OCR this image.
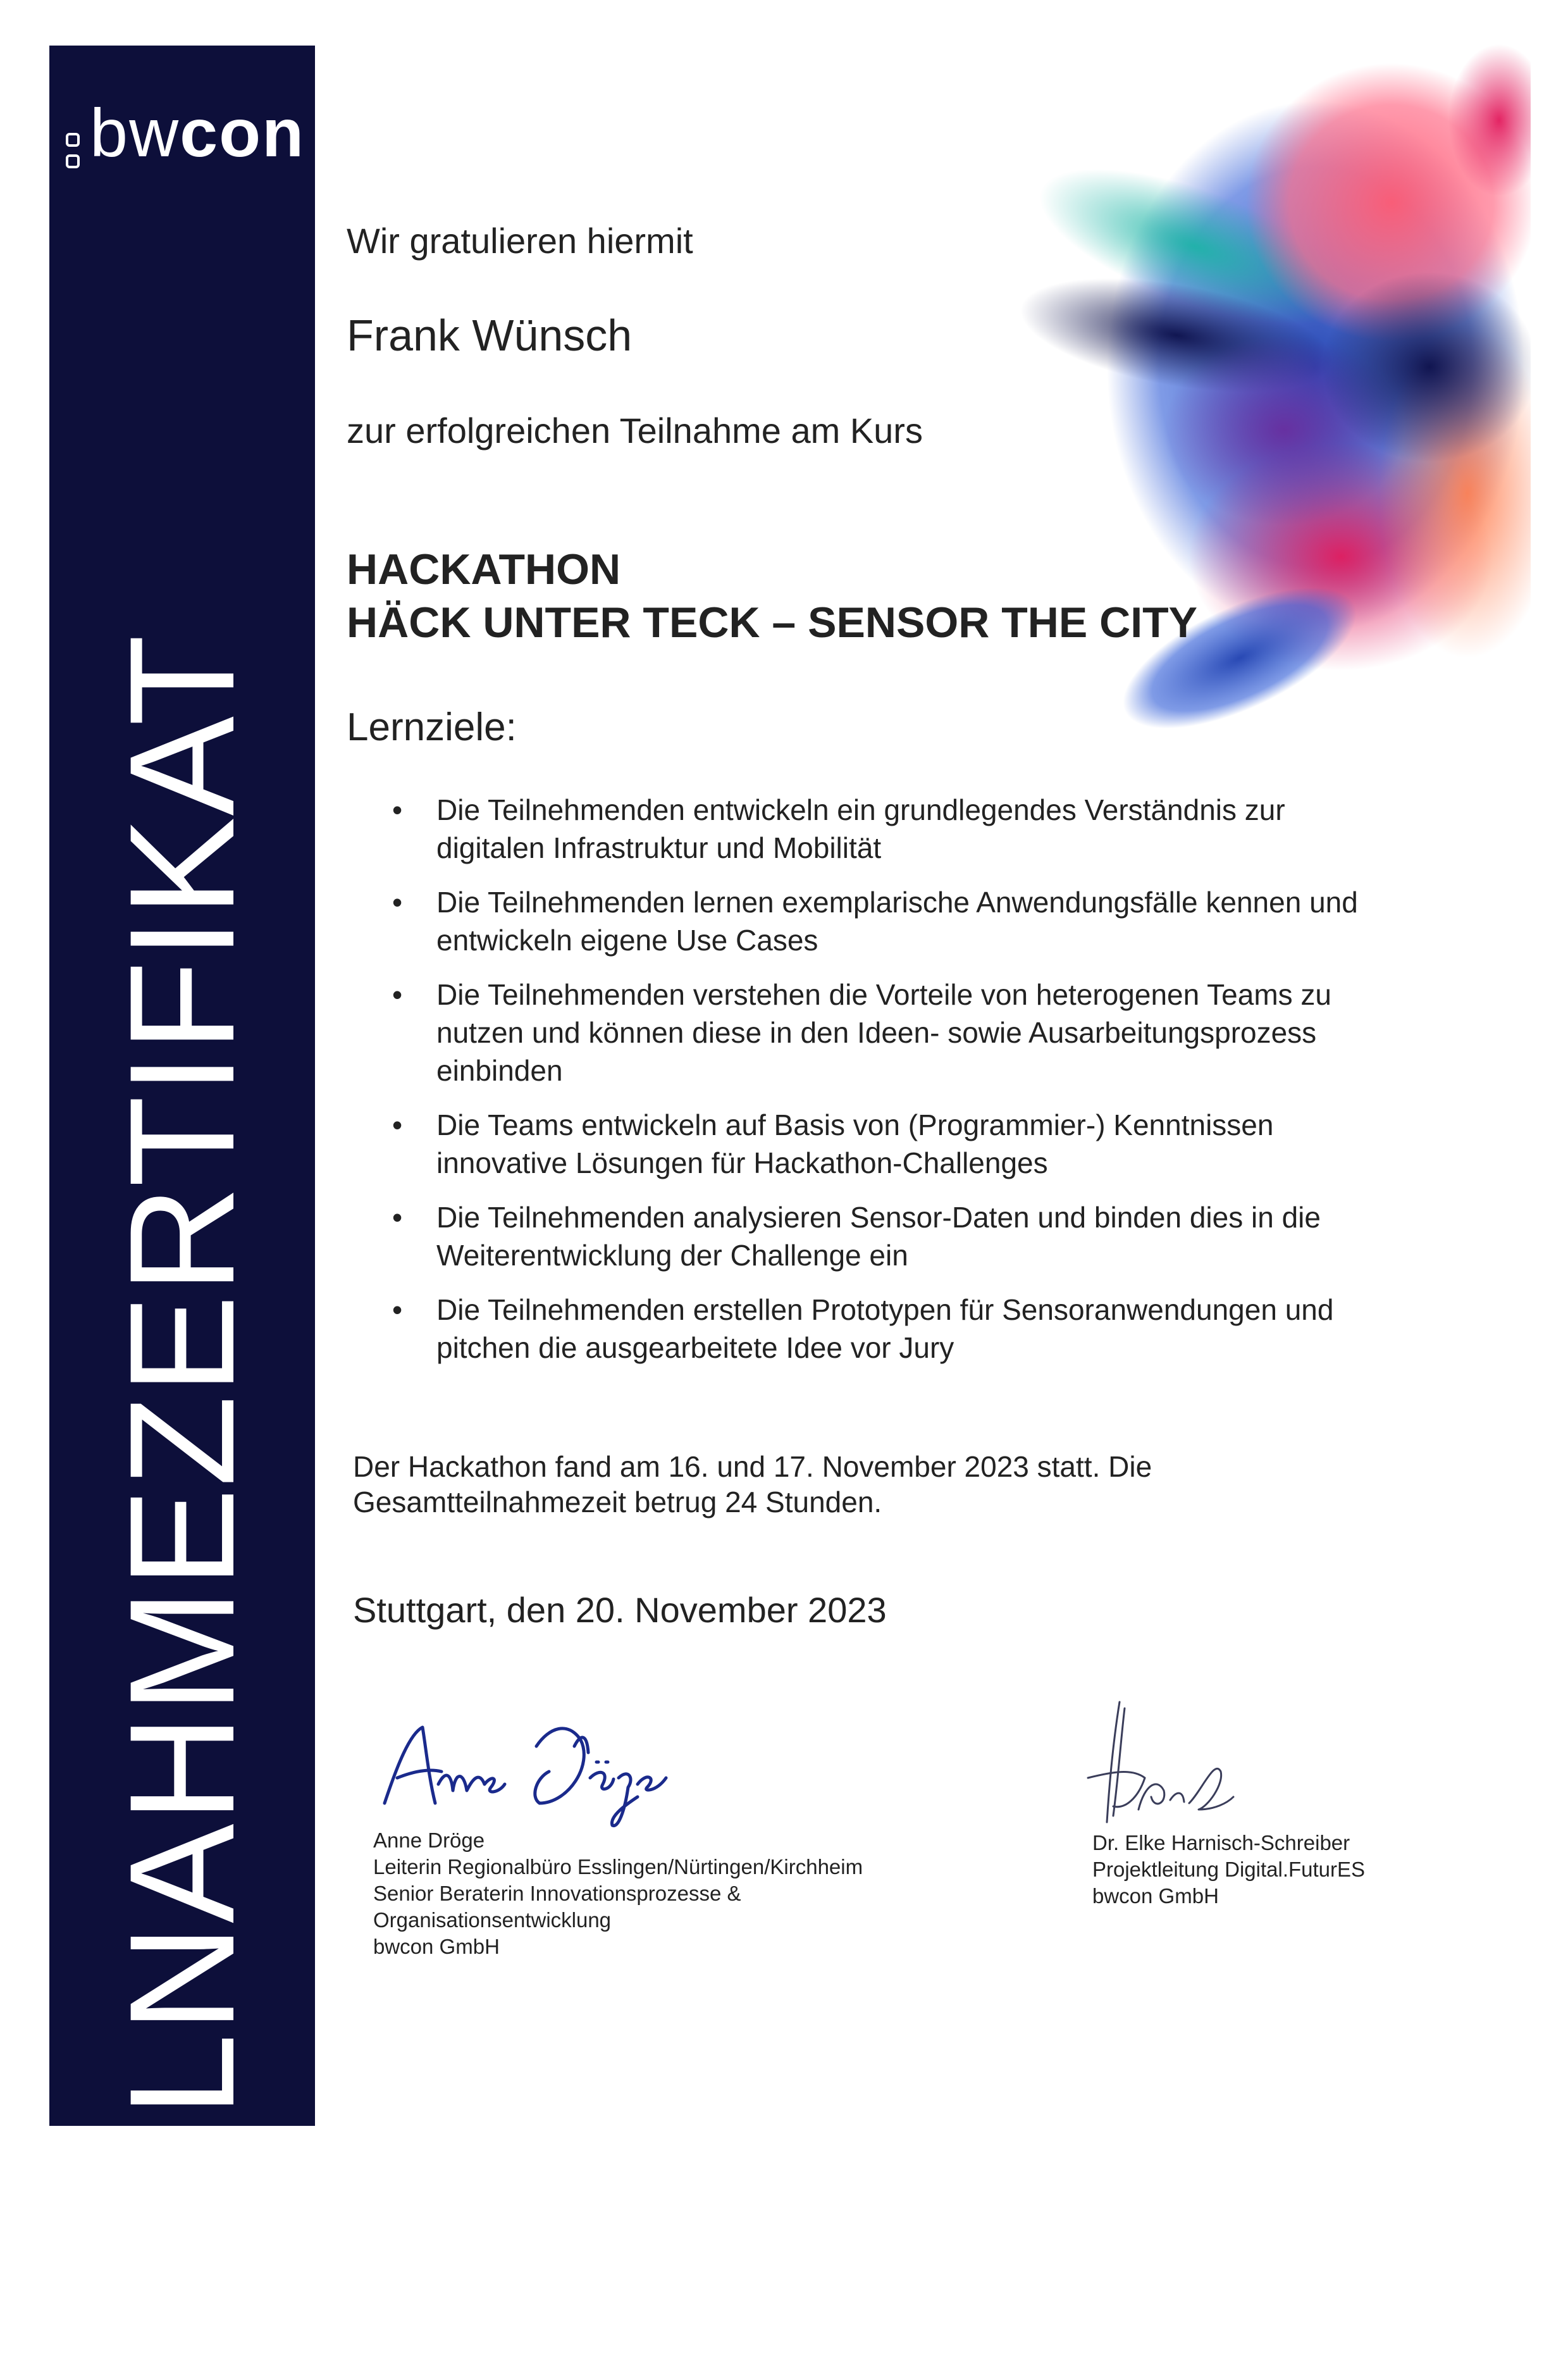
bwcon
TEILNAHMEZERTIFIKAT
Wir gratulieren hiermit
Frank Wünsch
zur erfolgreichen Teilnahme am Kurs
HACKATHON
HÄCK UNTER TECK – SENSOR THE CITY
Lernziele:
• Die Teilnehmenden entwickeln ein grundlegendes Verständnis zur
digitalen Infrastruktur und Mobilität
• Die Teilnehmenden lernen exemplarische Anwendungsfälle kennen und
entwickeln eigene Use Cases
• Die Teilnehmenden verstehen die Vorteile von heterogenen Teams zu
nutzen und können diese in den Ideen- sowie Ausarbeitungsprozess
einbinden
• Die Teams entwickeln auf Basis von (Programmier-) Kenntnissen
innovative Lösungen für Hackathon-Challenges
• Die Teilnehmenden analysieren Sensor-Daten und binden dies in die
Weiterentwicklung der Challenge ein
• Die Teilnehmenden erstellen Prototypen für Sensoranwendungen und
pitchen die ausgearbeitete Idee vor Jury
Der Hackathon fand am 16. und 17. November 2023 statt. Die
Gesamtteilnahmezeit betrug 24 Stunden.
Stuttgart, den 20. November 2023
Anne Dröge
Leiterin Regionalbüro Esslingen/Nürtingen/Kirchheim
Senior Beraterin Innovationsprozesse &
Organisationsentwicklung
bwcon GmbH
Dr. Elke Harnisch-Schreiber
Projektleitung Digital.FuturES
bwcon GmbH
